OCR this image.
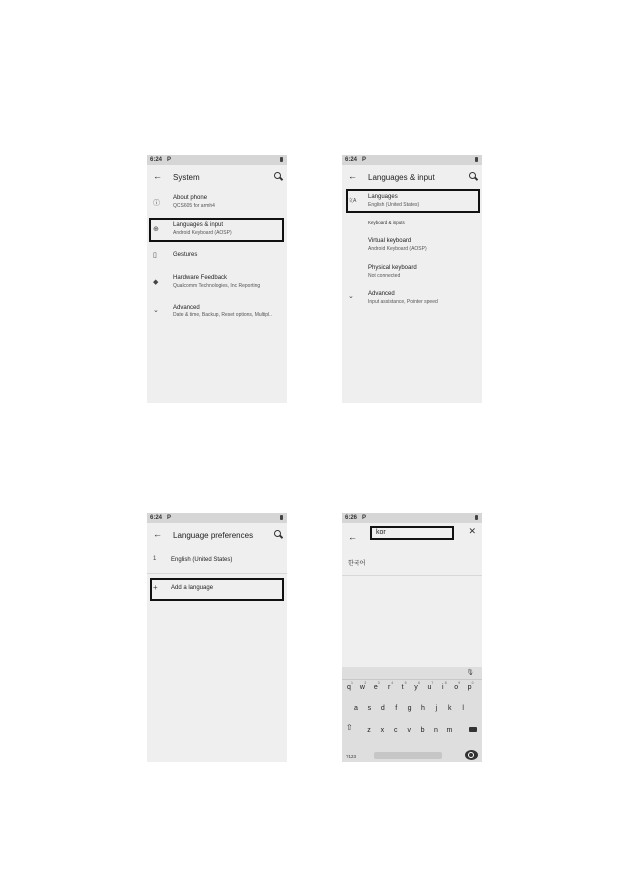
6:24 P
← System
ⓘ
About phone
QCS605 for armh4
⊕
Languages & input
Android Keyboard (AOSP)
▯	Gestures
◆
Hardware Feedback
Qualcomm Technologies, Inc Reporting
⌄ Advanced
Date & time, Backup, Reset options, Multipl..
6:24 P
← Languages & input
文A
Languages
English (United States)
Keyboard & inputs
Virtual keyboard
Android Keyboard (AOSP)
Physical keyboard
Not connected
⌄ Advanced
Input assistance, Pointer speed
6:24 P
← Language preferences
1 English (United States)
+ Add a language
6:26 P
←	kor	✕
한국어
🎙
q
1
w
2
e
3
r
4
t
5
y
6
u
7
i
8
o
9
p
0
a	s	d	f	g	h	j	k	l
⇧	z	x	c	v	b	n	m
?123
